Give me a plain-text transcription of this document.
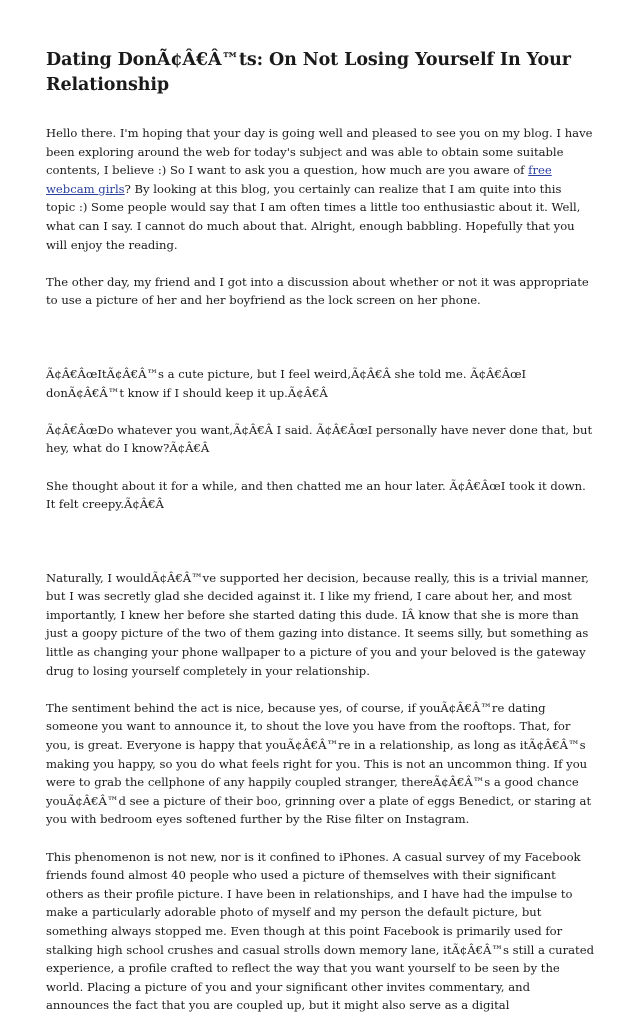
Dating DonÃ¢Â€Â™ts: On Not Losing Yourself In Your Relationship

Hello there. I'm hoping that your day is going well and pleased to see you on my blog. I have been exploring around the web for today's subject and was able to obtain some suitable contents, I believe :) So I want to ask you a question, how much are you aware of free webcam girls? By looking at this blog, you certainly can realize that I am quite into this topic :) Some people would say that I am often times a little too enthusiastic about it. Well, what can I say. I cannot do much about that. Alright, enough babbling. Hopefully that you will enjoy the reading.

The other day, my friend and I got into a discussion about whether or not it was appropriate to use a picture of her and her boyfriend as the lock screen on her phone.

Ã¢Â€ÂœItÃ¢Â€Â™s a cute picture, but I feel weird,Ã¢Â€Â she told me. Ã¢Â€ÂœI donÃ¢Â€Â™t know if I should keep it up.Ã¢Â€Â

Ã¢Â€ÂœDo whatever you want,Ã¢Â€Â I said. Ã¢Â€ÂœI personally have never done that, but hey, what do I know?Ã¢Â€Â

She thought about it for a while, and then chatted me an hour later. Ã¢Â€ÂœI took it down. It felt creepy.Ã¢Â€Â

Naturally, I wouldÃ¢Â€Â™ve supported her decision, because really, this is a trivial manner, but I was secretly glad she decided against it. I like my friend, I care about her, and most importantly, I knew her before she started dating this dude. IÂ know that she is more than just a goopy picture of the two of them gazing into distance. It seems silly, but something as little as changing your phone wallpaper to a picture of you and your beloved is the gateway drug to losing yourself completely in your relationship.

The sentiment behind the act is nice, because yes, of course, if youÃ¢Â€Â™re dating someone you want to announce it, to shout the love you have from the rooftops. That, for you, is great. Everyone is happy that youÃ¢Â€Â™re in a relationship, as long as itÃ¢Â€Â™s making you happy, so you do what feels right for you. This is not an uncommon thing. If you were to grab the cellphone of any happily coupled stranger, thereÃ¢Â€Â™s a good chance youÃ¢Â€Â™d see a picture of their boo, grinning over a plate of eggs Benedict, or staring at you with bedroom eyes softened further by the Rise filter on Instagram.

This phenomenon is not new, nor is it confined to iPhones. A casual survey of my Facebook friends found almost 40 people who used a picture of themselves with their significant others as their profile picture. I have been in relationships, and I have had the impulse to make a particularly adorable photo of myself and my person the default picture, but something always stopped me. Even though at this point Facebook is primarily used for stalking high school crushes and casual strolls down memory lane, itÃ¢Â€Â™s still a curated experience, a profile crafted to reflect the way that you want yourself to be seen by the world. Placing a picture of you and your significant other invites commentary, and announces the fact that you are coupled up, but it might also serve as a digital
